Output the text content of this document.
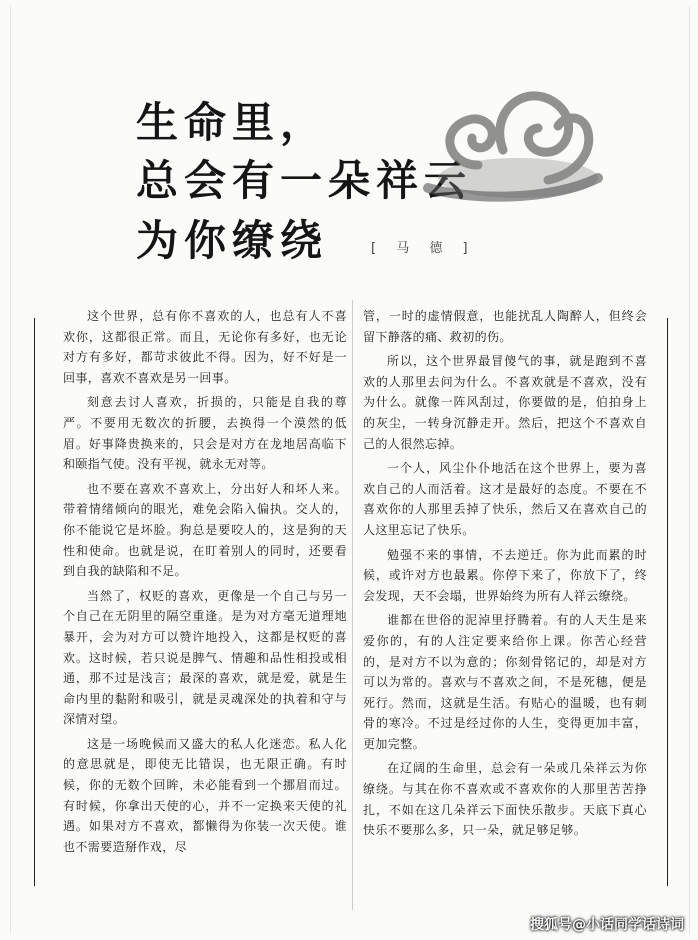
生命里，
总会有一朵祥云
为你缭绕	[ 马 德 ]

这个世界，总有你不喜欢的人，也总有人不喜欢你，这都很正常。而且，无论你有多好，也无论对方有多好，都苛求彼此不得。因为，好不好是一回事，喜欢不喜欢是另一回事。

刻意去讨人喜欢，折损的，只能是自我的尊严。不要用无数次的折腰，去换得一个漠然的低眉。好事降贵换来的，只会是对方在龙地居高临下和颐指气使。没有平视，就永无对等。

也不要在喜欢不喜欢上，分出好人和坏人来。带着情绪倾向的眼光，难免会陷入偏执。交人的，你不能说它是坏脸。狗总是要咬人的，这是狗的天性和使命。也就是说，在盯着别人的同时，还要看到自我的缺陷和不足。

当然了，权贬的喜欢，更像是一个自己与另一个自己在无阴里的隔空重逢。是为对方毫无道理地暴开，会为对方可以赞许地投入，这都是权贬的喜欢。这时候，若只说是脾气、情趣和品性相投或相通，那不过是浅言；最深的喜欢，就是爱，就是生命内里的黏附和吸引，就是灵魂深处的执着和守与深情对望。

这是一场晚候而又盛大的私人化迷恋。私人化的意思就是，即使无比错误，也无限正确。有时候，你的无数个回眸，未必能看到一个挪眉而过。有时候，你拿出天使的心，并不一定换来天使的礼遇。如果对方不喜欢，都懒得为你装一次天使。谁也不需要造掰作戏，尽

管，一时的虚情假意，也能扰乱人陶醉人，但终会留下静落的痛、救初的伤。

所以，这个世界最冒傻气的事，就是跑到不喜欢的人那里去问为什么。不喜欢就是不喜欢，没有为什么。就像一阵风刮过，你要做的是，伯拍身上的灰尘，一转身沉静走开。然后，把这个不喜欢自己的人很然忘掉。

一个人，风尘仆仆地活在这个世界上，要为喜欢自己的人而活着。这才是最好的态度。不要在不喜欢你的人那里丢掉了快乐，然后又在喜欢自己的人这里忘记了快乐。

勉强不来的事情，不去逆迁。你为此而累的时候，或许对方也最累。你停下来了，你放下了，终会发现，天不会塌，世界始终为所有人祥云缭绕。

谁都在世俗的泥淖里抒腾着。有的人天生是来爱你的，有的人注定要来给你上课。你苦心经营的，是对方不以为意的；你刻骨铭记的，却是对方可以为常的。喜欢与不喜欢之间，不是死穗，便是死行。然而，这就是生活。有贴心的温暖，也有刺骨的寒冷。不过是经过你的人生，变得更加丰富，更加完整。

在辽阔的生命里，总会有一朵或几朵祥云为你缭绕。与其在你不喜欢或不喜欢你的人那里苦苦挣扎，不如在这几朵祥云下面快乐散步。天底下真心快乐不要那么多，只一朵，就足够足够。

搜狐号@小话同学话诗词
